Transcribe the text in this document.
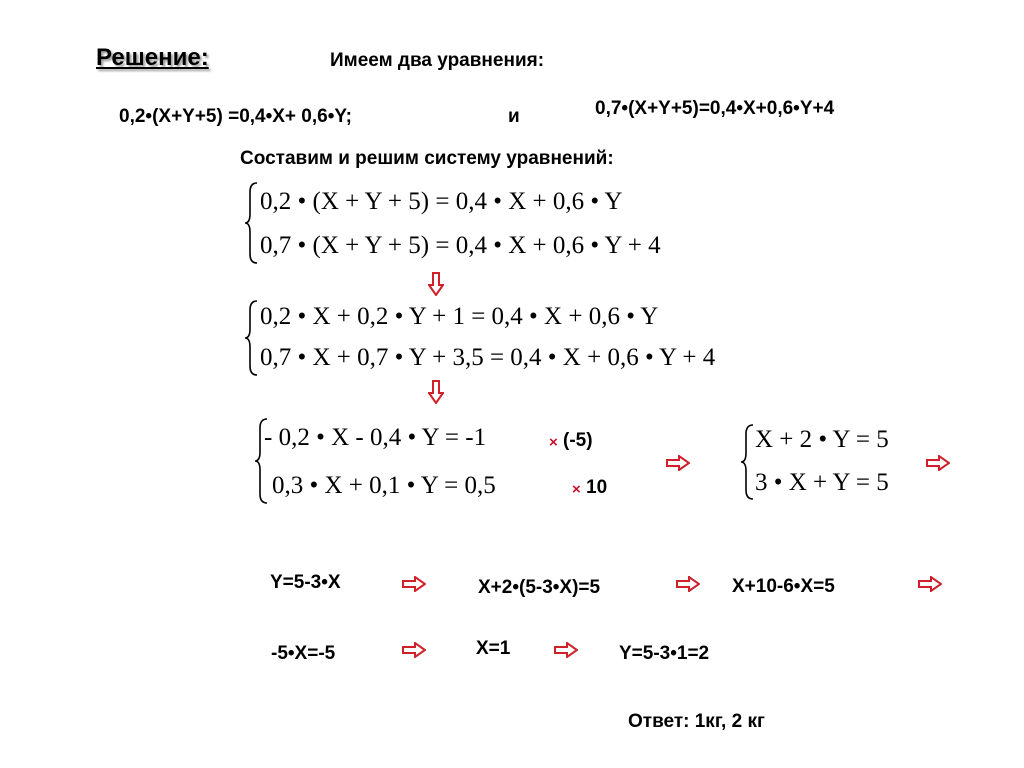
Решение:	Имеем два уравнения:
0,2•(X+Y+5) =0,4•X+ 0,6•Y;	и	0,7•(X+Y+5)=0,4•X+0,6•Y+4
Составим и решим систему уравнений:
0,2 • (X + Y + 5) = 0,4 • X + 0,6 • Y
0,7 • (X + Y + 5) = 0,4 • X + 0,6 • Y + 4
0,2 • X + 0,2 • Y + 1 = 0,4 • X + 0,6 • Y
0,7 • X + 0,7 • Y + 3,5 = 0,4 • X + 0,6 • Y + 4
- 0,2 • X - 0,4 • Y = -1
0,3 • X + 0,1 • Y = 0,5
× (-5)
× 10
X + 2 • Y = 5
3 • X + Y = 5
Y=5-3•X	X+2•(5-3•X)=5	X+10-6•X=5
-5•X=-5	X=1	Y=5-3•1=2
Ответ: 1кг, 2 кг
